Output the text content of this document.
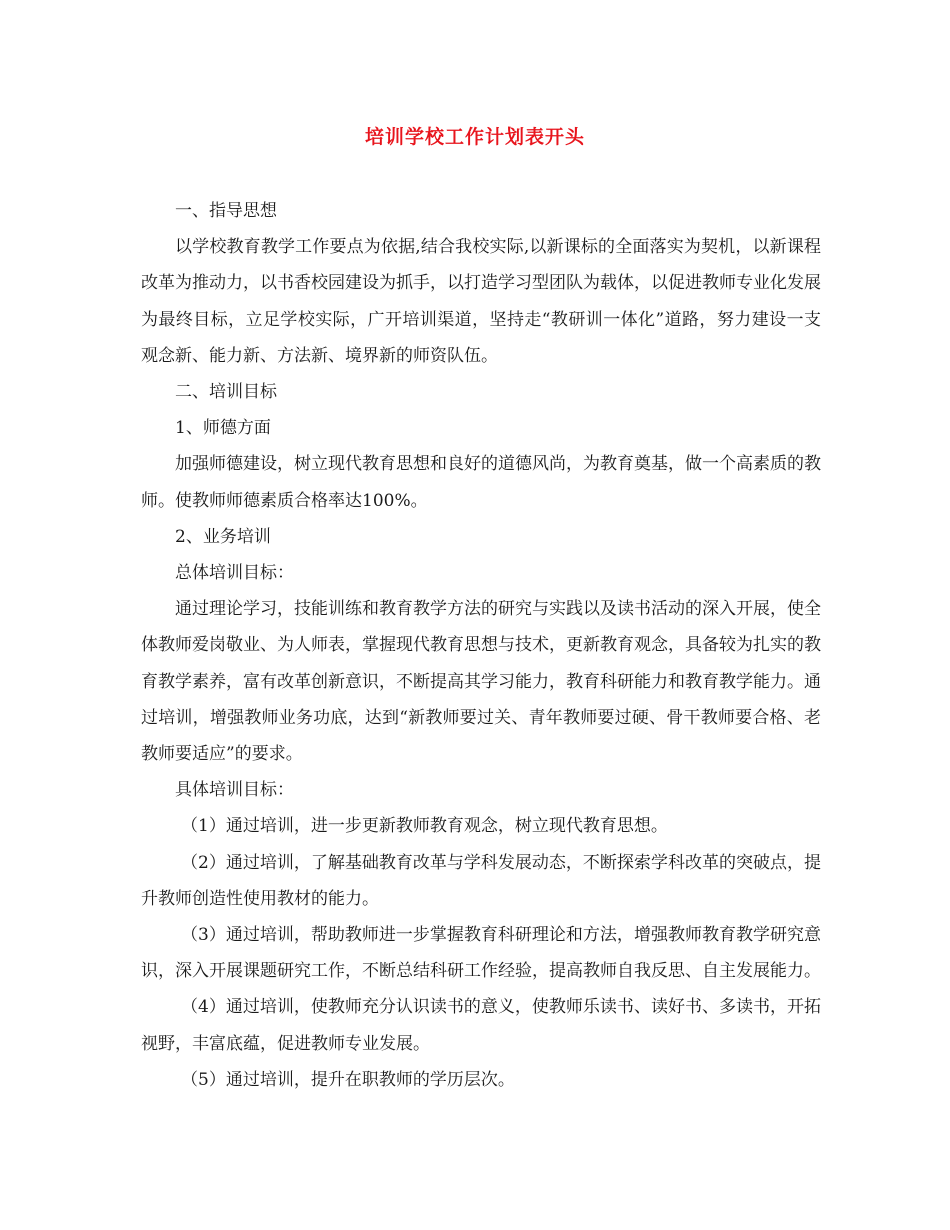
培训学校工作计划表开头

一、指导思想

以学校教育教学工作要点为依据,结合我校实际,以新课标的全面落实为契机，以新课程改革为推动力，以书香校园建设为抓手，以打造学习型团队为载体，以促进教师专业化发展为最终目标，立足学校实际，广开培训渠道，坚持走“教研训一体化”道路，努力建设一支观念新、能力新、方法新、境界新的师资队伍。

二、培训目标

1、师德方面

加强师德建设，树立现代教育思想和良好的道德风尚，为教育奠基，做一个高素质的教师。使教师师德素质合格率达100%。

2、业务培训

总体培训目标：

通过理论学习，技能训练和教育教学方法的研究与实践以及读书活动的深入开展，使全体教师爱岗敬业、为人师表，掌握现代教育思想与技术，更新教育观念，具备较为扎实的教育教学素养，富有改革创新意识，不断提高其学习能力，教育科研能力和教育教学能力。通过培训，增强教师业务功底，达到“新教师要过关、青年教师要过硬、骨干教师要合格、老教师要适应”的要求。

具体培训目标：

（1）通过培训，进一步更新教师教育观念，树立现代教育思想。

（2）通过培训，了解基础教育改革与学科发展动态，不断探索学科改革的突破点，提升教师创造性使用教材的能力。

（3）通过培训，帮助教师进一步掌握教育科研理论和方法，增强教师教育教学研究意识，深入开展课题研究工作，不断总结科研工作经验，提高教师自我反思、自主发展能力。

（4）通过培训，使教师充分认识读书的意义，使教师乐读书、读好书、多读书，开拓视野，丰富底蕴，促进教师专业发展。

（5）通过培训，提升在职教师的学历层次。
